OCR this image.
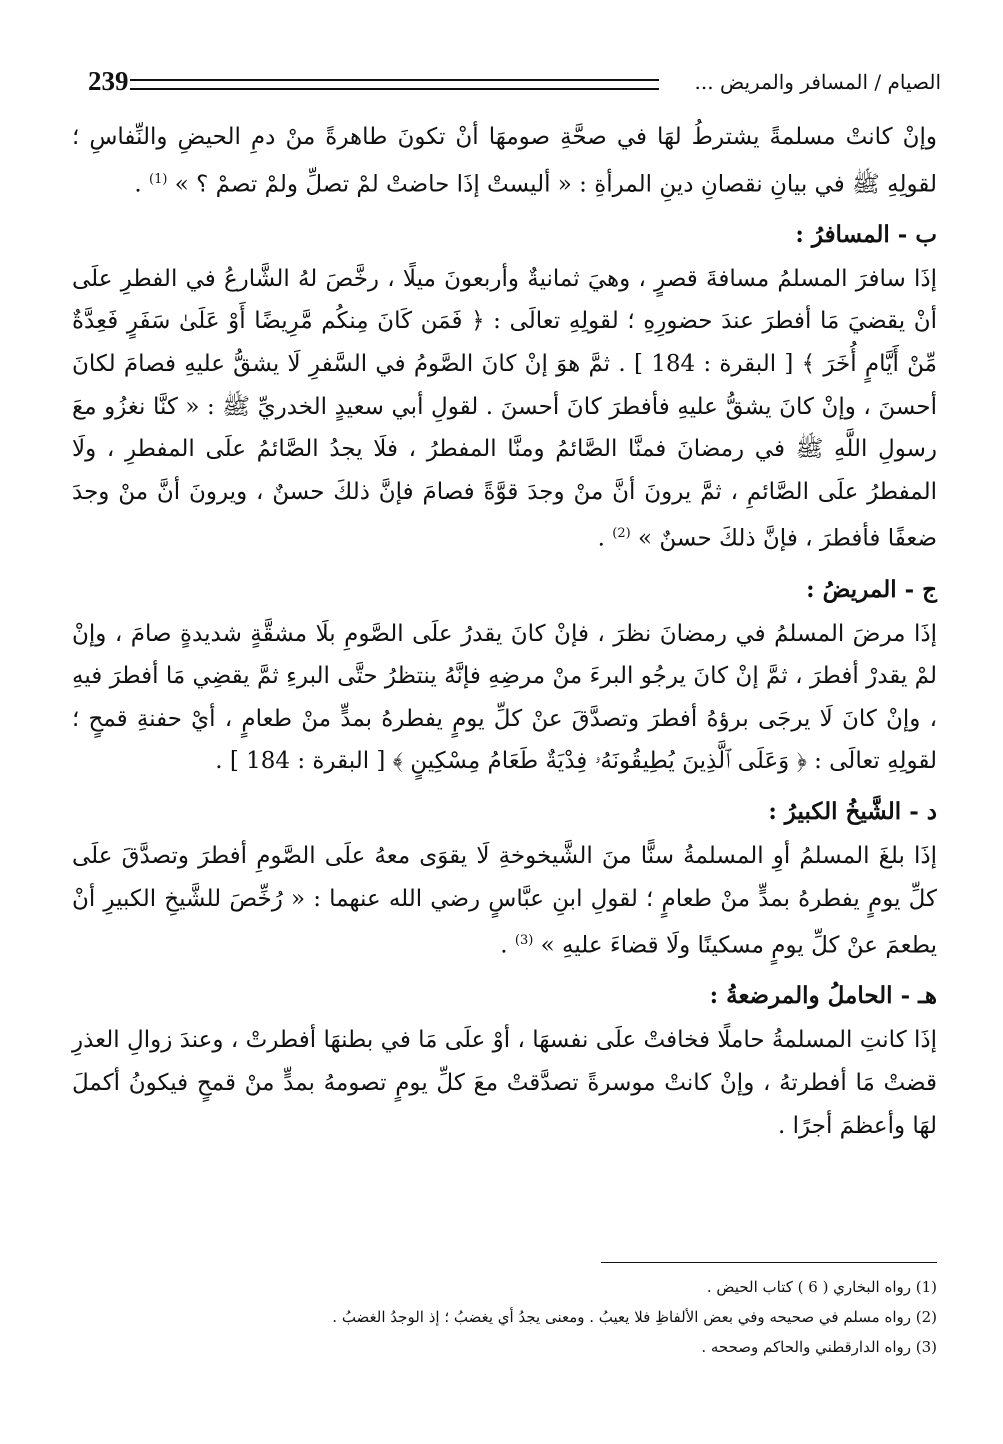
239	الصيام / المسافر والمريض ...

وإنْ كانتْ مسلمةً يشترطُ لهَا في صحَّةِ صومهَا أنْ تكونَ طاهرةً منْ دمِ الحيضِ والنِّفاسِ ؛ لقولِهِ ﷺ في بيانِ نقصانِ دينِ المرأةِ : « أليستْ إذَا حاضتْ لمْ تصلِّ ولمْ تصمْ ؟ » $^{(1)}$ .

ب - المسافرُ :

إذَا سافرَ المسلمُ مسافةَ قصرٍ ، وهيَ ثمانيةٌ وأربعونَ ميلًا ، رخَّصَ لهُ الشَّارعُ في الفطرِ علَى أنْ يقضيَ مَا أفطرَ عندَ حضورِهِ ؛ لقولِهِ تعالَى : ﴿ فَمَن كَانَ مِنكُم مَّرِيضًا أَوْ عَلَىٰ سَفَرٍ فَعِدَّةٌ مِّنْ أَيَّامٍ أُخَرَ ﴾ [ البقرة : 184 ] . ثمَّ هوَ إنْ كانَ الصَّومُ في السَّفرِ لَا يشقُّ عليهِ فصامَ لكانَ أحسنَ ، وإنْ كانَ يشقُّ عليهِ فأفطرَ كانَ أحسنَ . لقولِ أبي سعيدٍ الخدريِّ ﷺ : « كنَّا نغزُو معَ رسولِ اللَّهِ ﷺ في رمضانَ فمنَّا الصَّائمُ ومنَّا المفطرُ ، فلَا يجدُ الصَّائمُ علَى المفطرِ ، ولَا المفطرُ علَى الصَّائمِ ، ثمَّ يرونَ أنَّ منْ وجدَ قوَّةً فصامَ فإنَّ ذلكَ حسنٌ ، ويرونَ أنَّ منْ وجدَ ضعفًا فأفطرَ ، فإنَّ ذلكَ حسنٌ » $^{(2)}$ .

ج - المريضُ :

إذَا مرضَ المسلمُ في رمضانَ نظرَ ، فإنْ كانَ يقدرُ علَى الصَّومِ بلَا مشقَّةٍ شديدةٍ صامَ ، وإنْ لمْ يقدرْ أفطرَ ، ثمَّ إنْ كانَ يرجُو البرءَ منْ مرضِهِ فإنَّهُ ينتظرُ حتَّى البرءِ ثمَّ يقضِي مَا أفطرَ فيهِ ، وإنْ كانَ لَا يرجَى برؤهُ أفطرَ وتصدَّقَ عنْ كلِّ يومٍ يفطرهُ بمدٍّ منْ طعامٍ ، أيْ حفنةِ قمحٍ ؛ لقولِهِ تعالَى : ﴿ وَعَلَى ٱلَّذِينَ يُطِيقُونَهُۥ فِدْيَةٌ طَعَامُ مِسْكِينٍ ﴾ [ البقرة : 184 ] .

د - الشَّيخُ الكبيرُ :

إذَا بلغَ المسلمُ أوِ المسلمةُ سنًّا منَ الشَّيخوخةِ لَا يقوَى معهُ علَى الصَّومِ أفطرَ وتصدَّقَ علَى كلِّ يومٍ يفطرهُ بمدٍّ منْ طعامٍ ؛ لقولِ ابنِ عبَّاسٍ رضي الله عنهما : « رُخِّصَ للشَّيخِ الكبيرِ أنْ يطعمَ عنْ كلِّ يومٍ مسكينًا ولَا قضاءَ عليهِ » $^{(3)}$ .

هـ - الحاملُ والمرضعةُ :

إذَا كانتِ المسلمةُ حاملًا فخافتْ علَى نفسهَا ، أوْ علَى مَا في بطنهَا أفطرتْ ، وعندَ زوالِ العذرِ قضتْ مَا أفطرتهُ ، وإنْ كانتْ موسرةً تصدَّقتْ معَ كلِّ يومٍ تصومهُ بمدٍّ منْ قمحٍ فيكونُ أكملَ لهَا وأعظمَ أجرًا .

(1) رواه البخاري ( 6 ) كتاب الحيض .

(2) رواه مسلم في صحيحه وفي بعض الألفاظِ فلا يعيبُ . ومعنى يجدُ أي يغضبُ ؛ إذ الوجدُ الغضبُ .

(3) رواه الدارقطني والحاكم وصححه .
